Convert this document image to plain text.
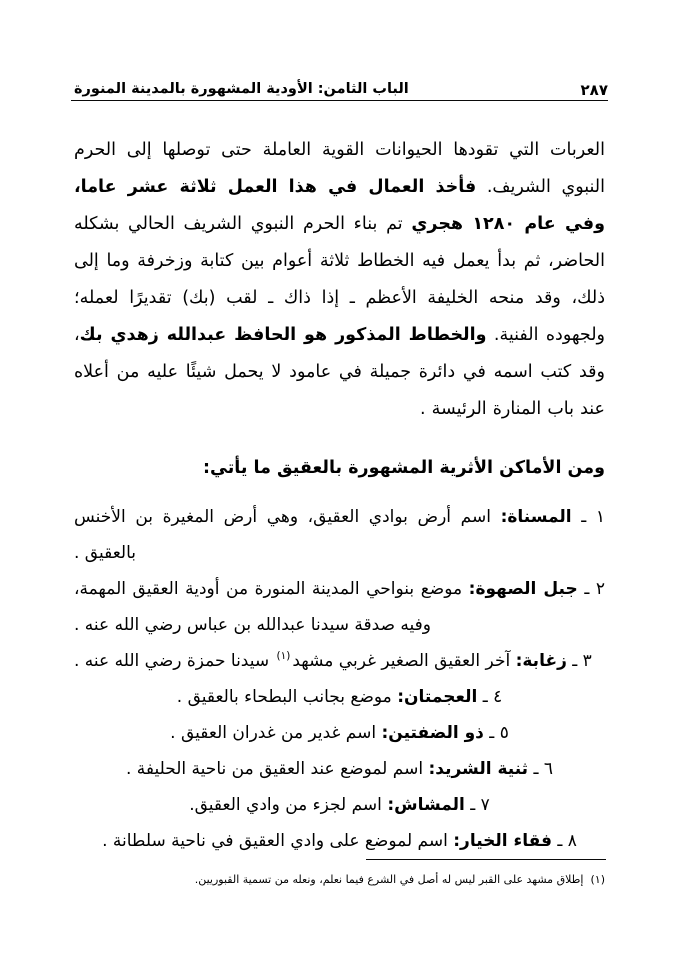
الباب الثامن: الأودية المشهورة بالمدينة المنورة	٢٨٧

العربات التي تقودها الحيوانات القوية العاملة حتى توصلها إلى الحرم النبوي الشريف. فأخذ العمال في هذا العمل ثلاثة عشر عاما، وفي عام ١٢٨٠ هجري تم بناء الحرم النبوي الشريف الحالي بشكله الحاضر، ثم بدأ يعمل فيه الخطاط ثلاثة أعوام بين كتابة وزخرفة وما إلى ذلك، وقد منحه الخليفة الأعظم ـ إذا ذاك ـ لقب (بك) تقديرًا لعمله؛ ولجهوده الفنية. والخطاط المذكور هو الحافظ عبدالله زهدي بك، وقد كتب اسمه في دائرة جميلة في عامود لا يحمل شيئًا عليه من أعلاه عند باب المنارة الرئيسة .

ومن الأماكن الأثرية المشهورة بالعقيق ما يأتي:
١ ـ المسناة: اسم أرض بوادي العقيق، وهي أرض المغيرة بن الأخنس بالعقيق .
٢ ـ جبل الصهوة: موضع بنواحي المدينة المنورة من أودية العقيق المهمة، وفيه صدقة سيدنا عبدالله بن عباس رضي الله عنه .
٣ ـ زغابة: آخر العقيق الصغير غربي مشهد$^{(١)}$ سيدنا حمزة رضي الله عنه .
٤ ـ العجمتان: موضع بجانب البطحاء بالعقيق .
٥ ـ ذو الضفتين: اسم غدير من غدران العقيق .
٦ ـ ثنية الشريد: اسم لموضع عند العقيق من ناحية الحليفة .
٧ ـ المشاش: اسم لجزء من وادي العقيق.
٨ ـ فقاء الخيار: اسم لموضع على وادي العقيق في ناحية سلطانة .

(١)إطلاق مشهد على القبر ليس له أصل في الشرع فيما نعلم، ونعله من تسمية القبوريين.
